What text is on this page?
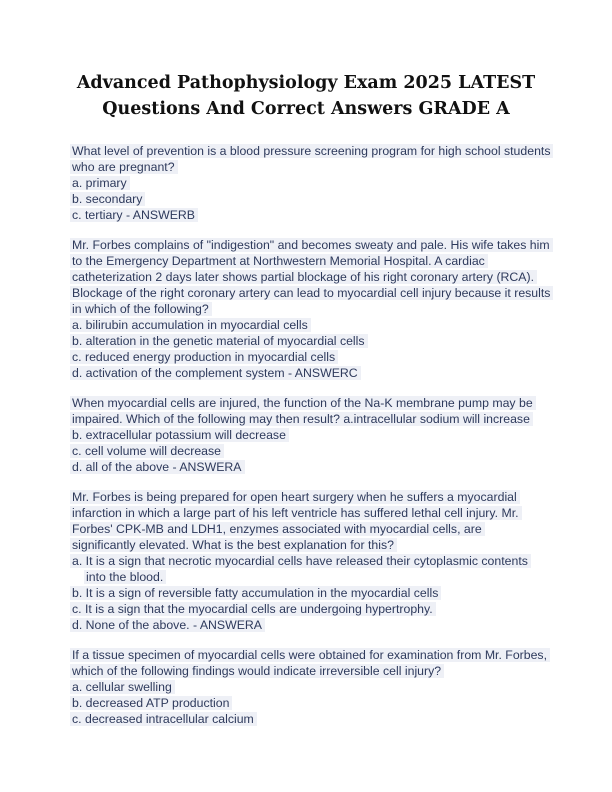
Advanced Pathophysiology Exam 2025 LATEST
Questions And Correct Answers GRADE A
What level of prevention is a blood pressure screening program for high school students
who are pregnant?
a. primary
b. secondary
c. tertiary - ANSWERB
Mr. Forbes complains of "indigestion" and becomes sweaty and pale. His wife takes him
to the Emergency Department at Northwestern Memorial Hospital. A cardiac
catheterization 2 days later shows partial blockage of his right coronary artery (RCA).
Blockage of the right coronary artery can lead to myocardial cell injury because it results
in which of the following?
a. bilirubin accumulation in myocardial cells
b. alteration in the genetic material of myocardial cells
c. reduced energy production in myocardial cells
d. activation of the complement system - ANSWERC
When myocardial cells are injured, the function of the Na-K membrane pump may be
impaired. Which of the following may then result? a.intracellular sodium will increase
b. extracellular potassium will decrease
c. cell volume will decrease
d. all of the above - ANSWERA
Mr. Forbes is being prepared for open heart surgery when he suffers a myocardial
infarction in which a large part of his left ventricle has suffered lethal cell injury. Mr.
Forbes' CPK-MB and LDH1, enzymes associated with myocardial cells, are
significantly elevated. What is the best explanation for this?
a. It is a sign that necrotic myocardial cells have released their cytoplasmic contents
into the blood.
b. It is a sign of reversible fatty accumulation in the myocardial cells
c. It is a sign that the myocardial cells are undergoing hypertrophy.
d. None of the above. - ANSWERA
If a tissue specimen of myocardial cells were obtained for examination from Mr. Forbes,
which of the following findings would indicate irreversible cell injury?
a. cellular swelling
b. decreased ATP production
c. decreased intracellular calcium
